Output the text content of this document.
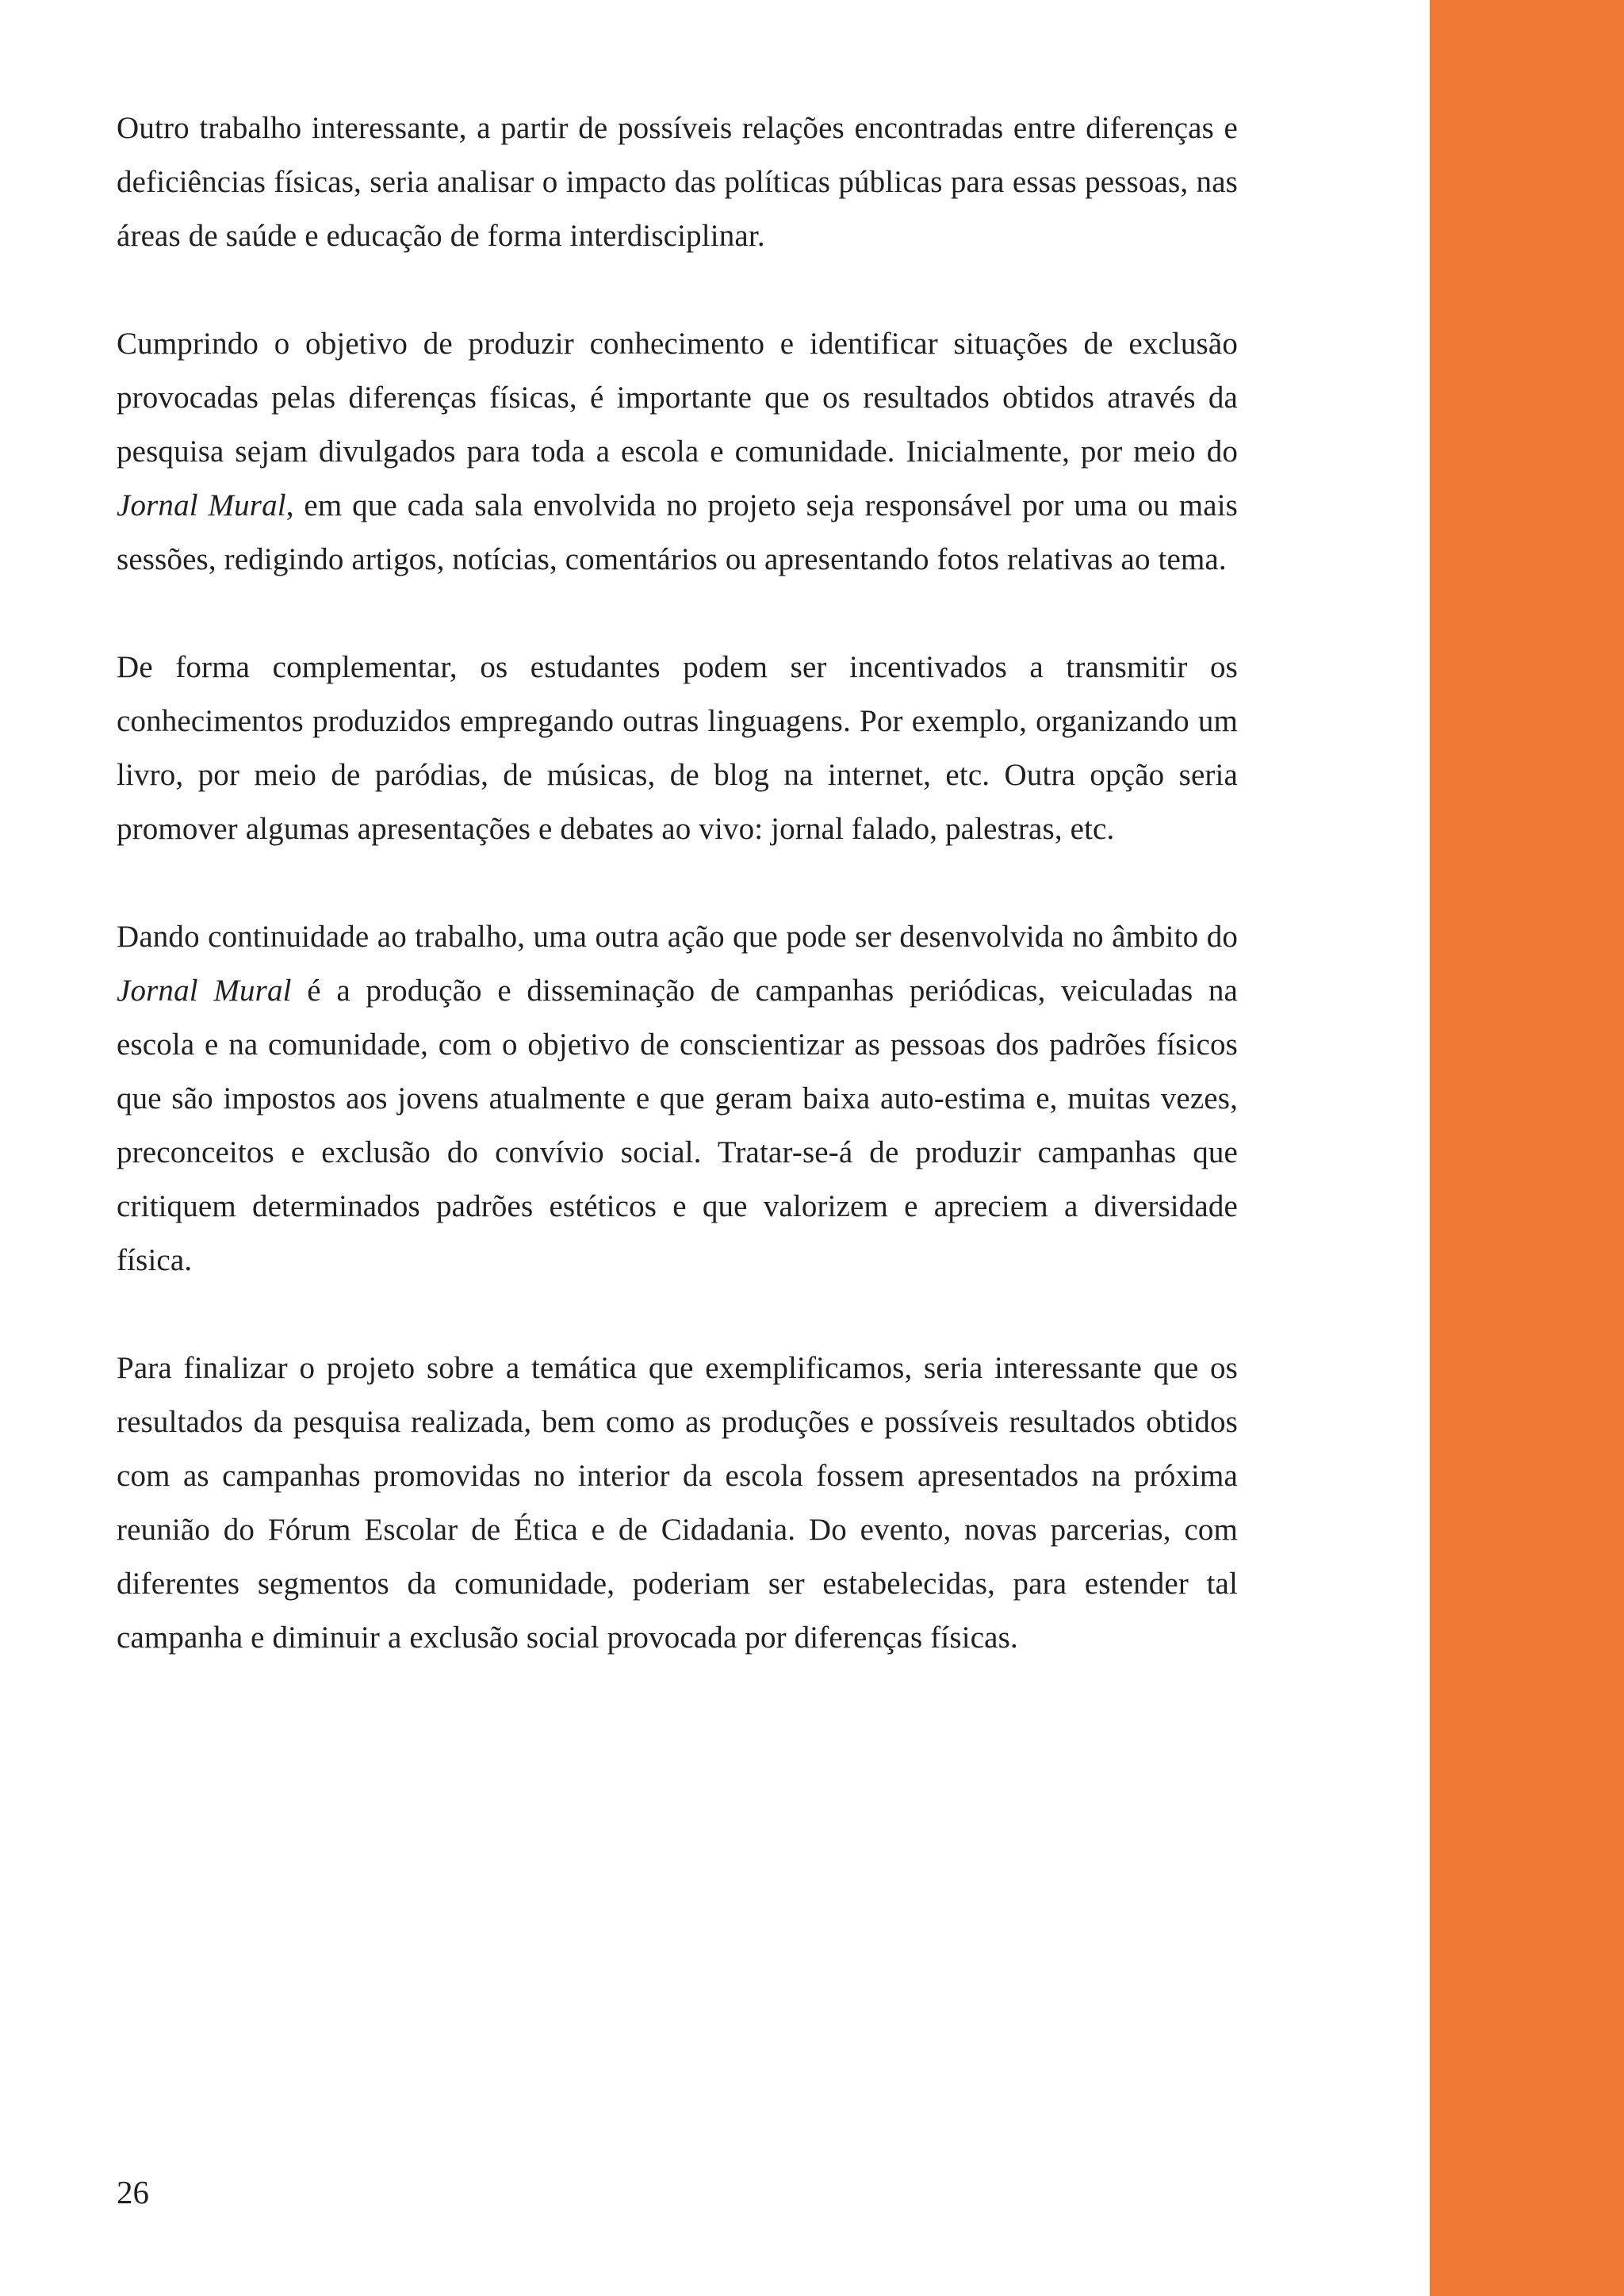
Outro trabalho interessante, a partir de possíveis relações encontradas entre diferenças e deficiências físicas, seria analisar o impacto das políticas públicas para essas pessoas, nas áreas de saúde e educação de forma interdisciplinar.

Cumprindo o objetivo de produzir conhecimento e identificar situações de exclusão provocadas pelas diferenças físicas, é importante que os resultados obtidos através da pesquisa sejam divulgados para toda a escola e comunidade. Inicialmente, por meio do Jornal Mural, em que cada sala envolvida no projeto seja responsável por uma ou mais sessões, redigindo artigos, notícias, comentários ou apresentando fotos relativas ao tema.

De forma complementar, os estudantes podem ser incentivados a transmitir os conhecimentos produzidos empregando outras linguagens. Por exemplo, organizando um livro, por meio de paródias, de músicas, de blog na internet, etc. Outra opção seria promover algumas apresentações e debates ao vivo: jornal falado, palestras, etc.

Dando continuidade ao trabalho, uma outra ação que pode ser desenvolvida no âmbito do Jornal Mural é a produção e disseminação de campanhas periódicas, veiculadas na escola e na comunidade, com o objetivo de conscientizar as pessoas dos padrões físicos que são impostos aos jovens atualmente e que geram baixa auto-estima e, muitas vezes, preconceitos e exclusão do convívio social. Tratar-se-á de produzir campanhas que critiquem determinados padrões estéticos e que valorizem e apreciem a diversidade física.

Para finalizar o projeto sobre a temática que exemplificamos, seria interessante que os resultados da pesquisa realizada, bem como as produções e possíveis resultados obtidos com as campanhas promovidas no interior da escola fossem apresentados na próxima reunião do Fórum Escolar de Ética e de Cidadania. Do evento, novas parcerias, com diferentes segmentos da comunidade, poderiam ser estabelecidas, para estender tal campanha e diminuir a exclusão social provocada por diferenças físicas.

26
